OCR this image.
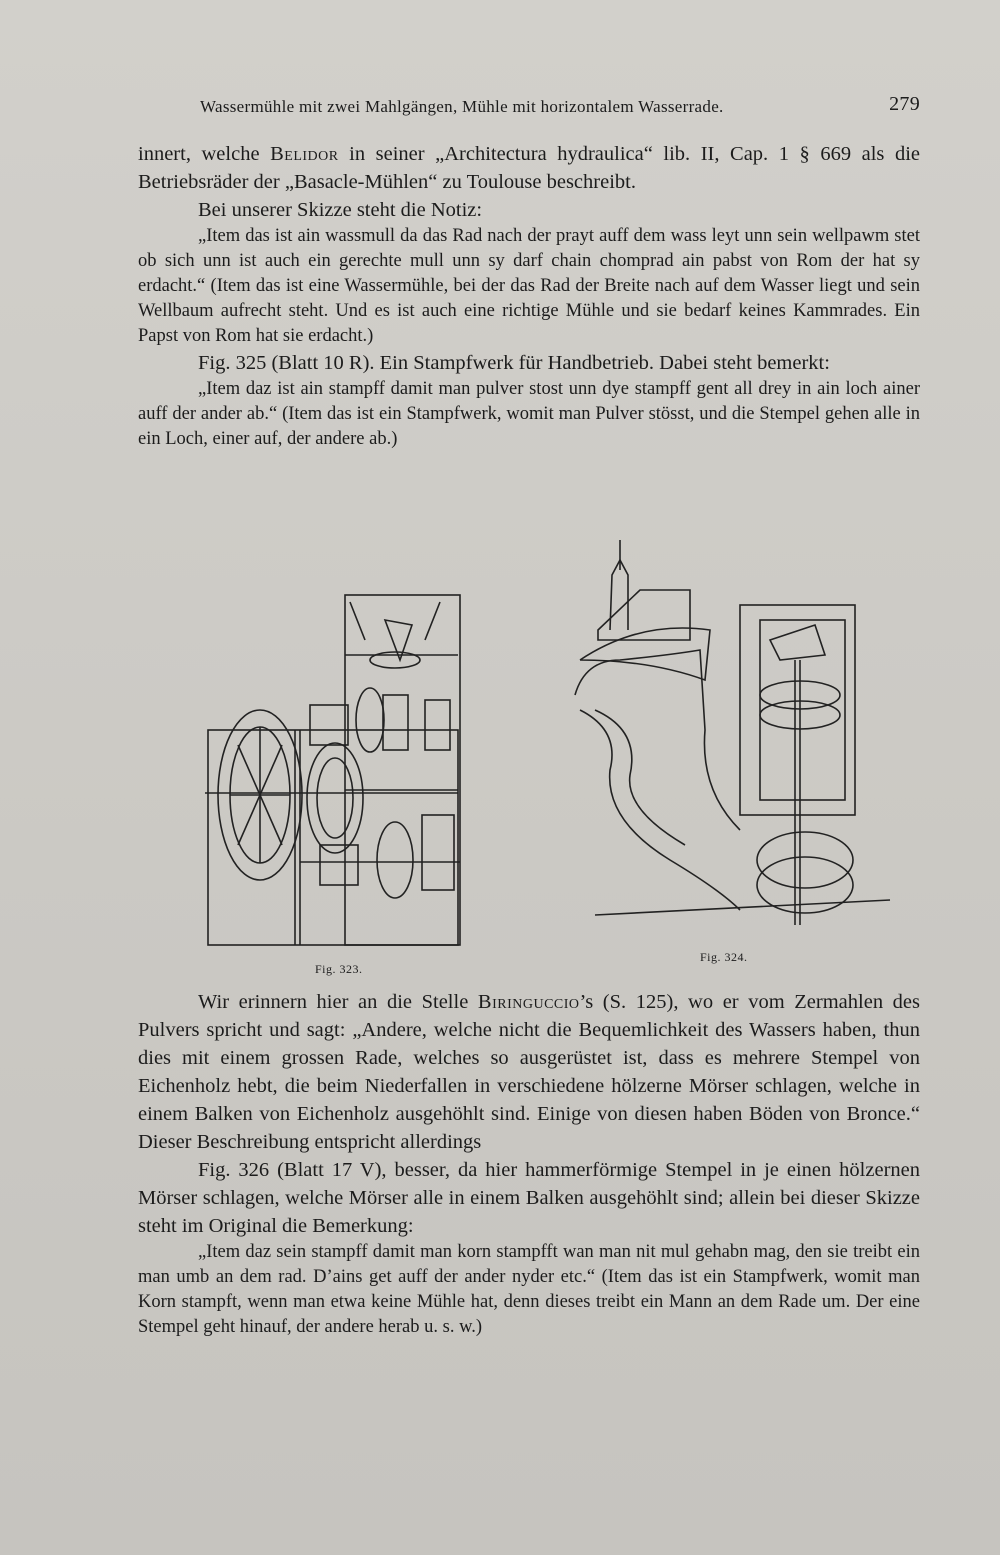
Wassermühle mit zwei Mahlgängen, Mühle mit horizontalem Wasserrade.	279

innert, welche Belidor in seiner „Architectura hydraulica“ lib. II, Cap. 1 § 669 als die Betriebsräder der „Basacle-Mühlen“ zu Toulouse beschreibt.

Bei unserer Skizze steht die Notiz:

„Item das ist ain wassmull da das Rad nach der prayt auff dem wass leyt unn sein wellpawm stet ob sich unn ist auch ein gerechte mull unn sy darf chain chomprad ain pabst von Rom der hat sy erdacht.“ (Item das ist eine Wassermühle, bei der das Rad der Breite nach auf dem Wasser liegt und sein Wellbaum aufrecht steht. Und es ist auch eine richtige Mühle und sie bedarf keines Kammrades. Ein Papst von Rom hat sie erdacht.)

Fig. 325 (Blatt 10 R). Ein Stampfwerk für Handbetrieb. Dabei steht bemerkt:

„Item daz ist ain stampff damit man pulver stost unn dye stampff gent all drey in ain loch ainer auff der ander ab.“ (Item das ist ein Stampfwerk, womit man Pulver stösst, und die Stempel gehen alle in ein Loch, einer auf, der andere ab.)

Fig. 323.
Fig. 324.

Wir erinnern hier an die Stelle Biringuccio’s (S. 125), wo er vom Zermahlen des Pulvers spricht und sagt: „Andere, welche nicht die Bequemlichkeit des Wassers haben, thun dies mit einem grossen Rade, welches so ausgerüstet ist, dass es mehrere Stempel von Eichenholz hebt, die beim Niederfallen in verschiedene hölzerne Mörser schlagen, welche in einem Balken von Eichenholz ausgehöhlt sind. Einige von diesen haben Böden von Bronce.“ Dieser Beschreibung entspricht allerdings

Fig. 326 (Blatt 17 V), besser, da hier hammerförmige Stempel in je einen hölzernen Mörser schlagen, welche Mörser alle in einem Balken ausgehöhlt sind; allein bei dieser Skizze steht im Original die Bemerkung:

„Item daz sein stampff damit man korn stampfft wan man nit mul gehabn mag, den sie treibt ein man umb an dem rad. D’ains get auff der ander nyder etc.“ (Item das ist ein Stampfwerk, womit man Korn stampft, wenn man etwa keine Mühle hat, denn dieses treibt ein Mann an dem Rade um. Der eine Stempel geht hinauf, der andere herab u. s. w.)
